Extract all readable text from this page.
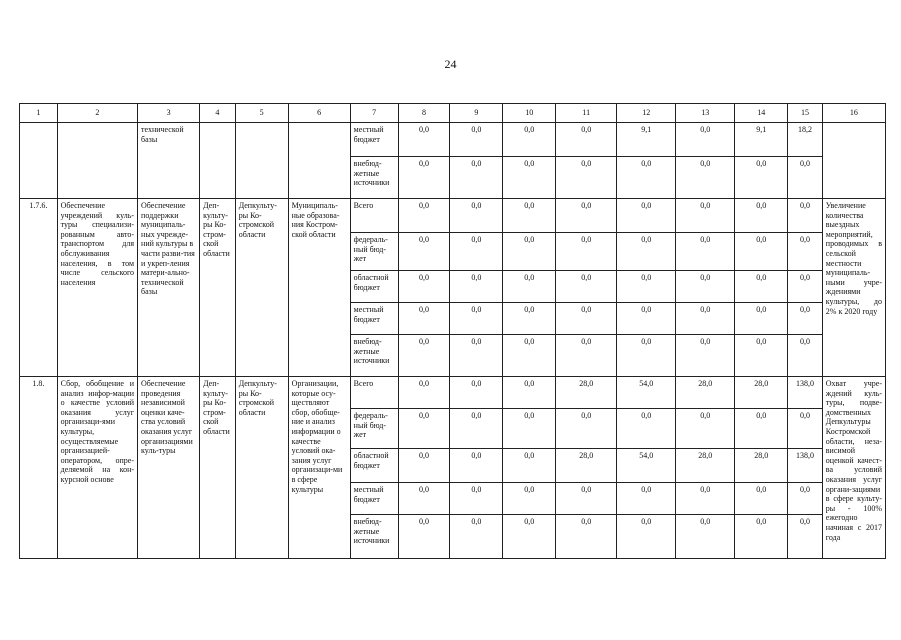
24
1	2	3	4	5	6	7	8	9	10	11	12	13	14	15	16
		технической базы				местный бюджет	0,0	0,0	0,0	0,0	9,1	0,0	9,1	18,2	
						внебюд-жетные источники	0,0	0,0	0,0	0,0	0,0	0,0	0,0	0,0	
1.7.6.	Обеспечение учреждений куль-туры специализи-рованным авто-транспортом для обслуживания населения, в том числе сельского населения	Обеспечение поддержки муниципаль-ных учрежде-ний культуры в части разви-тия и укреп-ления матери-ально-технической базы	Деп-культу-ры Ко-стром-ской области	Депкульту-ры Ко-стромской области	Муниципаль-ные образова-ния Костром-ской области	Всего	0,0	0,0	0,0	0,0	0,0	0,0	0,0	0,0	Увеличение количества выездных мероприятий, проводимых в сельской местности муниципаль-ными учре-ждениями культуры, до 2% к 2020 году
						федераль-ный бюд-жет	0,0	0,0	0,0	0,0	0,0	0,0	0,0	0,0	
						областной бюджет	0,0	0,0	0,0	0,0	0,0	0,0	0,0	0,0	
						местный бюджет	0,0	0,0	0,0	0,0	0,0	0,0	0,0	0,0	
						внебюд-жетные источники	0,0	0,0	0,0	0,0	0,0	0,0	0,0	0,0	
1.8.	Сбор, обобщение и анализ инфор-мации о качестве условий оказания услуг организаци-ями культуры, осуществляемые организацией-оператором, опре-деляемой на кон-курсной основе	Обеспечение проведения независимой оценки каче-ства условий оказания услуг организациями куль-туры	Деп-культу-ры Ко-стром-ской области	Депкульту-ры Ко-стромской области	Организации, которые осу-ществляют сбор, обобще-ние и анализ информации о качестве условий ока-зания услуг организаци-ми в сфере культуры	Всего	0,0	0,0	0,0	28,0	54,0	28,0	28,0	138,0	Охват учре-ждений куль-туры, подве-домственных Депкультуры Костромской области, неза-висимой оценкой качест-ва условий оказания услуг органи-зациями в сфере культу-ры - 100% ежегодно начиная с 2017 года
						федераль-ный бюд-жет	0,0	0,0	0,0	0,0	0,0	0,0	0,0	0,0	
						областной бюджет	0,0	0,0	0,0	28,0	54,0	28,0	28,0	138,0	
						местный бюджет	0,0	0,0	0,0	0,0	0,0	0,0	0,0	0,0	
						внебюд-жетные источники	0,0	0,0	0,0	0,0	0,0	0,0	0,0	0,0	
